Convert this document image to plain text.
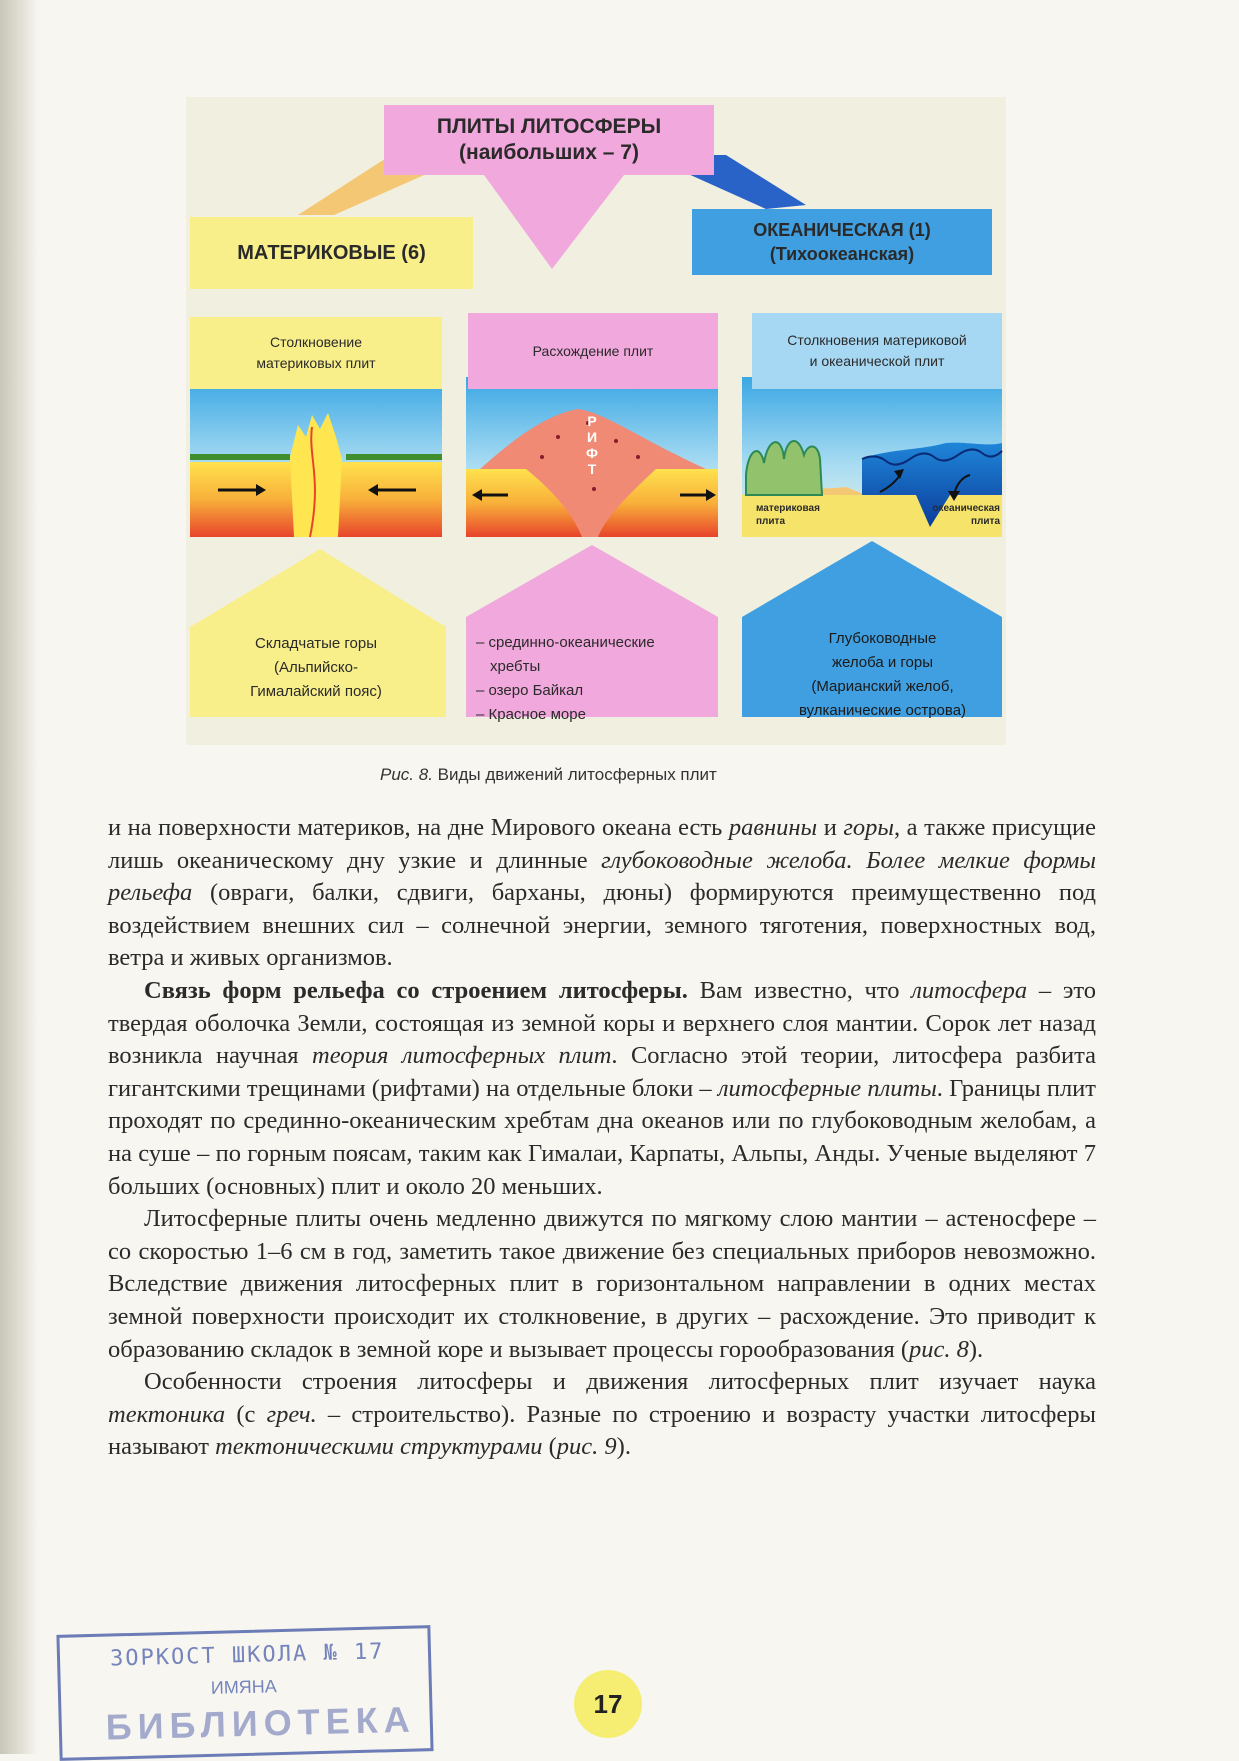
ПЛИТЫ ЛИТОСФЕРЫ
(наибольших – 7)
МАТЕРИКОВЫЕ (6)
ОКЕАНИЧЕСКАЯ (1)
(Тихоокеанская)
Столкновение
материковых плит
Расхождение плит
Столкновения материковой
и океанической плит
РИФТ
материковая
плита
океаническая
плита
Складчатые горы
(Альпийско-
Гималайский пояс)
– срединно-океанические
хребты
– озеро Байкал
– Красное море
Глубоководные
желоба и горы
(Марианский желоб,
вулканические острова)
Рис. 8. Виды движений литосферных плит

и на поверхности материков, на дне Мирового океана есть равнины и горы, а также присущие лишь океаническому дну узкие и длинные глубоководные желоба. Более мелкие формы рельефа (овраги, балки, сдвиги, барханы, дюны) формируются преимущественно под воздействием внешних сил – солнечной энергии, земного тяготения, поверхностных вод, ветра и живых организмов.

Связь форм рельефа со строением литосферы. Вам известно, что литосфера – это твердая оболочка Земли, состоящая из земной коры и верхнего слоя мантии. Сорок лет назад возникла научная теория литосферных плит. Согласно этой теории, литосфера разбита гигантскими трещинами (рифтами) на отдельные блоки – литосферные плиты. Границы плит проходят по срединно-океаническим хребтам дна океанов или по глубоководным желобам, а на суше – по горным поясам, таким как Гималаи, Карпаты, Альпы, Анды. Ученые выделяют 7 больших (основных) плит и около 20 меньших.

Литосферные плиты очень медленно движутся по мягкому слою мантии – астеносфере – со скоростью 1–6 см в год, заметить такое движение без специальных приборов невозможно. Вследствие движения литосферных плит в горизонтальном направлении в одних местах земной поверхности происходит их столкновение, в других – расхождение. Это приводит к образованию складок в земной коре и вызывает процессы горообразования (рис. 8).

Особенности строения литосферы и движения литосферных плит изучает наука тектоника (с греч. – строительство). Разные по строению и возрасту участки литосферы называют тектоническими структурами (рис. 9).

ЗОРКОСТ ШКОЛА № 17
ИМЯНА
БИБЛИОТЕКА	17
